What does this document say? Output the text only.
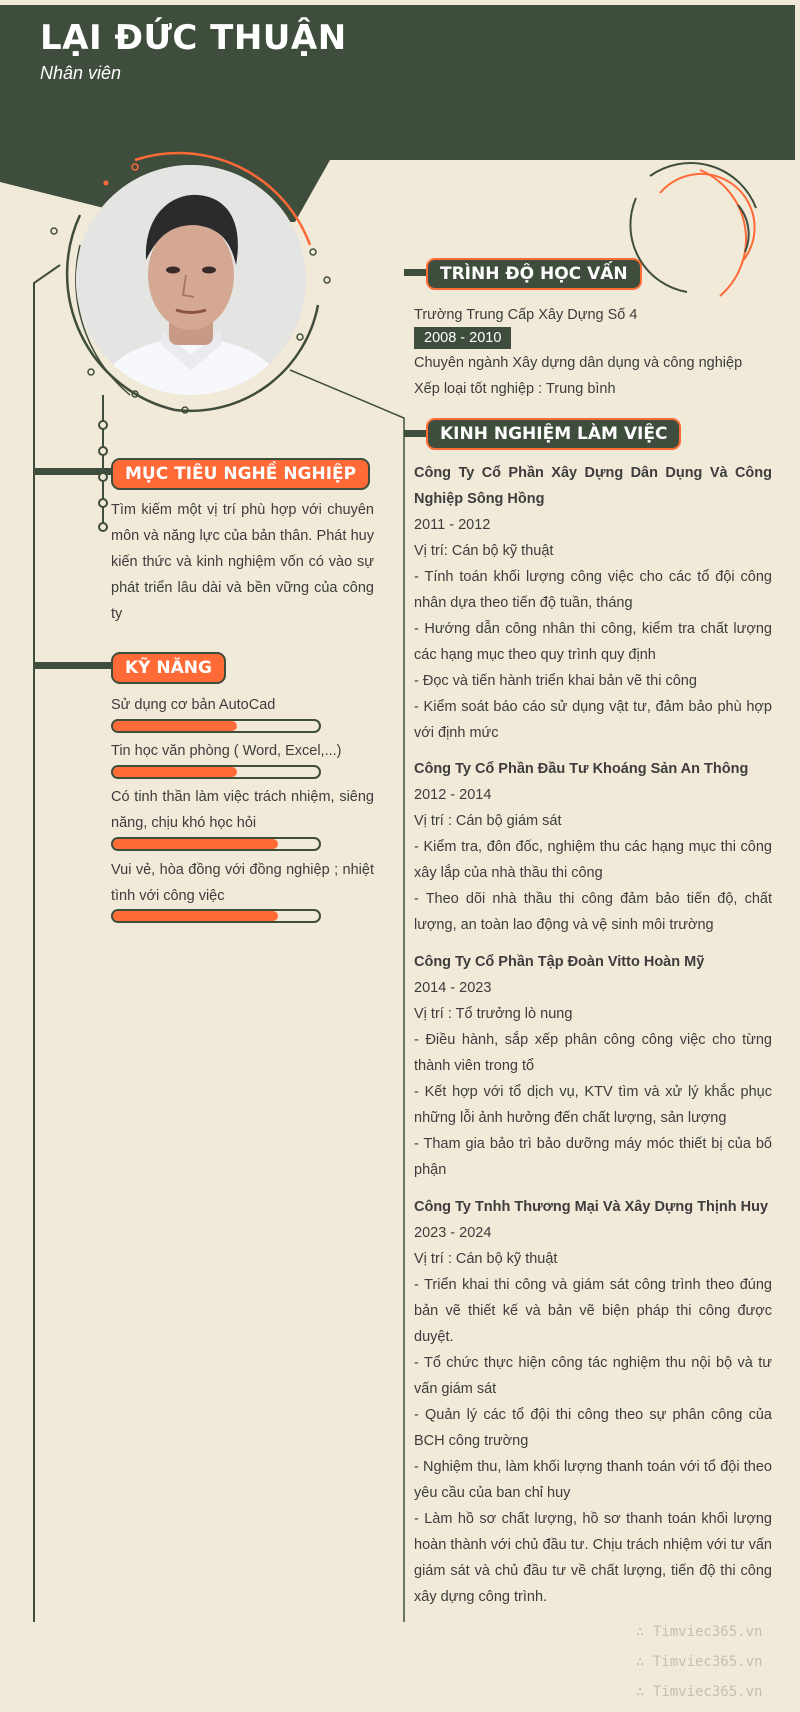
LẠI ĐỨC THUẬN
Nhân viên
MỤC TIÊU NGHỀ NGHIỆP
Tìm kiếm một vị trí phù hợp với chuyên môn và năng lực của bản thân. Phát huy kiến thức và kinh nghiệm vốn có vào sự phát triển lâu dài và bền vững của công ty
KỸ NĂNG
Sử dụng cơ bản AutoCad
Tin học văn phòng ( Word, Excel,...)
Có tinh thần làm việc trách nhiệm, siêng năng, chịu khó học hỏi
Vui vẻ, hòa đồng với đồng nghiệp ; nhiệt tình với công việc
TRÌNH ĐỘ HỌC VẤN
Trường Trung Cấp Xây Dựng Số 4
2008 - 2010
Chuyên ngành Xây dựng dân dụng và công nghiệp
Xếp loại tốt nghiệp : Trung bình
KINH NGHIỆM LÀM VIỆC

Công Ty Cổ Phần Xây Dựng Dân Dụng Và Công Nghiệp Sông Hồng

2011 - 2012

Vị trí: Cán bộ kỹ thuật

- Tính toán khối lượng công việc cho các tổ đội công nhân dựa theo tiến độ tuần, tháng

- Hướng dẫn công nhân thi công, kiểm tra chất lượng các hạng mục theo quy trình quy định

- Đọc và tiến hành triển khai bản vẽ thi công

- Kiểm soát báo cáo sử dụng vật tư, đảm bảo phù hợp với định mức

Công Ty Cổ Phần Đầu Tư Khoáng Sản An Thông

2012 - 2014

Vị trí : Cán bộ giám sát

- Kiểm tra, đôn đốc, nghiệm thu các hạng mục thi công xây lắp của nhà thầu thi công

- Theo dõi nhà thầu thi công đảm bảo tiến độ, chất lượng, an toàn lao động và vệ sinh môi trường

Công Ty Cổ Phần Tập Đoàn Vitto Hoàn Mỹ

2014 - 2023

Vị trí : Tổ trưởng lò nung

- Điều hành, sắp xếp phân công công việc cho từng thành viên trong tổ

- Kết hợp với tổ dịch vụ, KTV tìm và xử lý khắc phục những lỗi ảnh hưởng đến chất lượng, sản lượng

- Tham gia bảo trì bảo dưỡng máy móc thiết bị của bố phận

Công Ty Tnhh Thương Mại Và Xây Dựng Thịnh Huy

2023 - 2024

Vị trí : Cán bộ kỹ thuật

- Triển khai thi công và giám sát công trình theo đúng bản vẽ thiết kế và bản vẽ biện pháp thi công được duyệt.

- Tổ chức thực hiện công tác nghiệm thu nội bộ và tư vấn giám sát

- Quản lý các tổ đội thi công theo sự phân công của BCH công trường

- Nghiệm thu, làm khối lượng thanh toán với tổ đội theo yêu cầu của ban chỉ huy

- Làm hồ sơ chất lượng, hồ sơ thanh toán khối lượng hoàn thành với chủ đầu tư. Chịu trách nhiệm với tư vấn giám sát và chủ đầu tư về chất lượng, tiến độ thi công xây dựng công trình.

∴ Timviec365.vn
∴ Timviec365.vn
∴ Timviec365.vn
